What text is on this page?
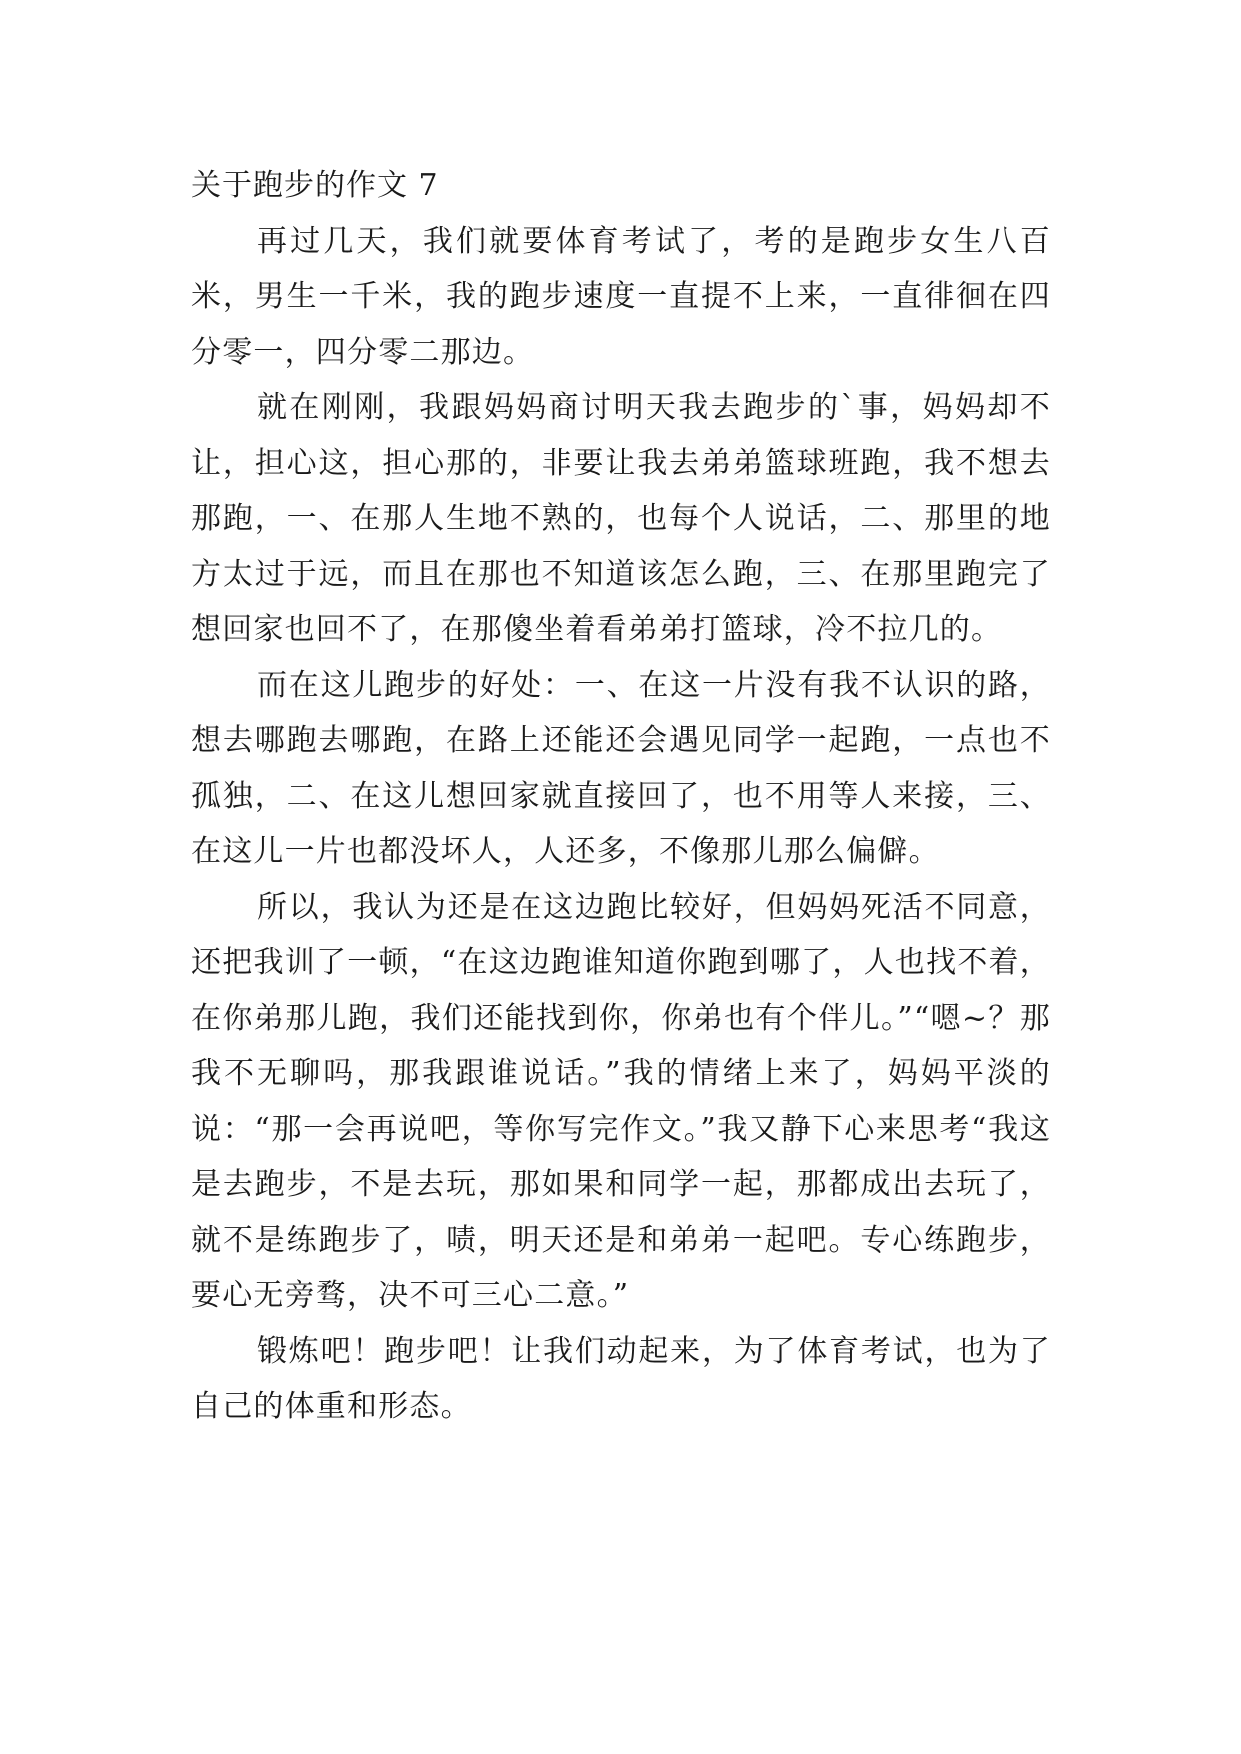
关于跑步的作文 7

再过几天，我们就要体育考试了，考的是跑步女生八百米，男生一千米，我的跑步速度一直提不上来，一直徘徊在四分零一，四分零二那边。

就在刚刚，我跟妈妈商讨明天我去跑步的`事，妈妈却不让，担心这，担心那的，非要让我去弟弟篮球班跑，我不想去那跑，一、在那人生地不熟的，也每个人说话，二、那里的地方太过于远，而且在那也不知道该怎么跑，三、在那里跑完了想回家也回不了，在那傻坐着看弟弟打篮球，冷不拉几的。

而在这儿跑步的好处：一、在这一片没有我不认识的路，想去哪跑去哪跑，在路上还能还会遇见同学一起跑，一点也不孤独，二、在这儿想回家就直接回了，也不用等人来接，三、在这儿一片也都没坏人，人还多，不像那儿那么偏僻。

所以，我认为还是在这边跑比较好，但妈妈死活不同意，还把我训了一顿，“在这边跑谁知道你跑到哪了，人也找不着，在你弟那儿跑，我们还能找到你，你弟也有个伴儿。”“嗯~？那我不无聊吗，那我跟谁说话。”我的情绪上来了，妈妈平淡的说：“那一会再说吧，等你写完作文。”我又静下心来思考“我这是去跑步，不是去玩，那如果和同学一起，那都成出去玩了，就不是练跑步了，啧，明天还是和弟弟一起吧。专心练跑步，要心无旁骛，决不可三心二意。”

锻炼吧！跑步吧！让我们动起来，为了体育考试，也为了自己的体重和形态。
